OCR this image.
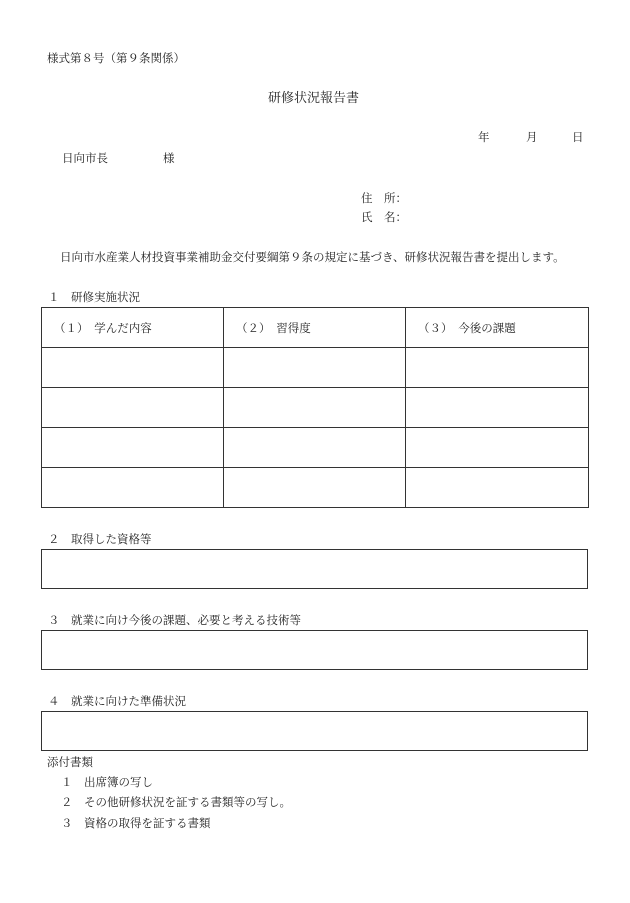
様式第８号（第９条関係）
研修状況報告書
年	月	日
日向市長	様
住　所：
氏　名：
日向市水産業人材投資事業補助金交付要綱第９条の規定に基づき、研修状況報告書を提出します。
１　研修実施状況
（１）　学んだ内容	（２）　習得度	（３）　今後の課題

２　取得した資格等
３　就業に向け今後の課題、必要と考える技術等
４　就業に向けた準備状況
添付書類
１　出席簿の写し
２　その他研修状況を証する書類等の写し。
３　資格の取得を証する書類
